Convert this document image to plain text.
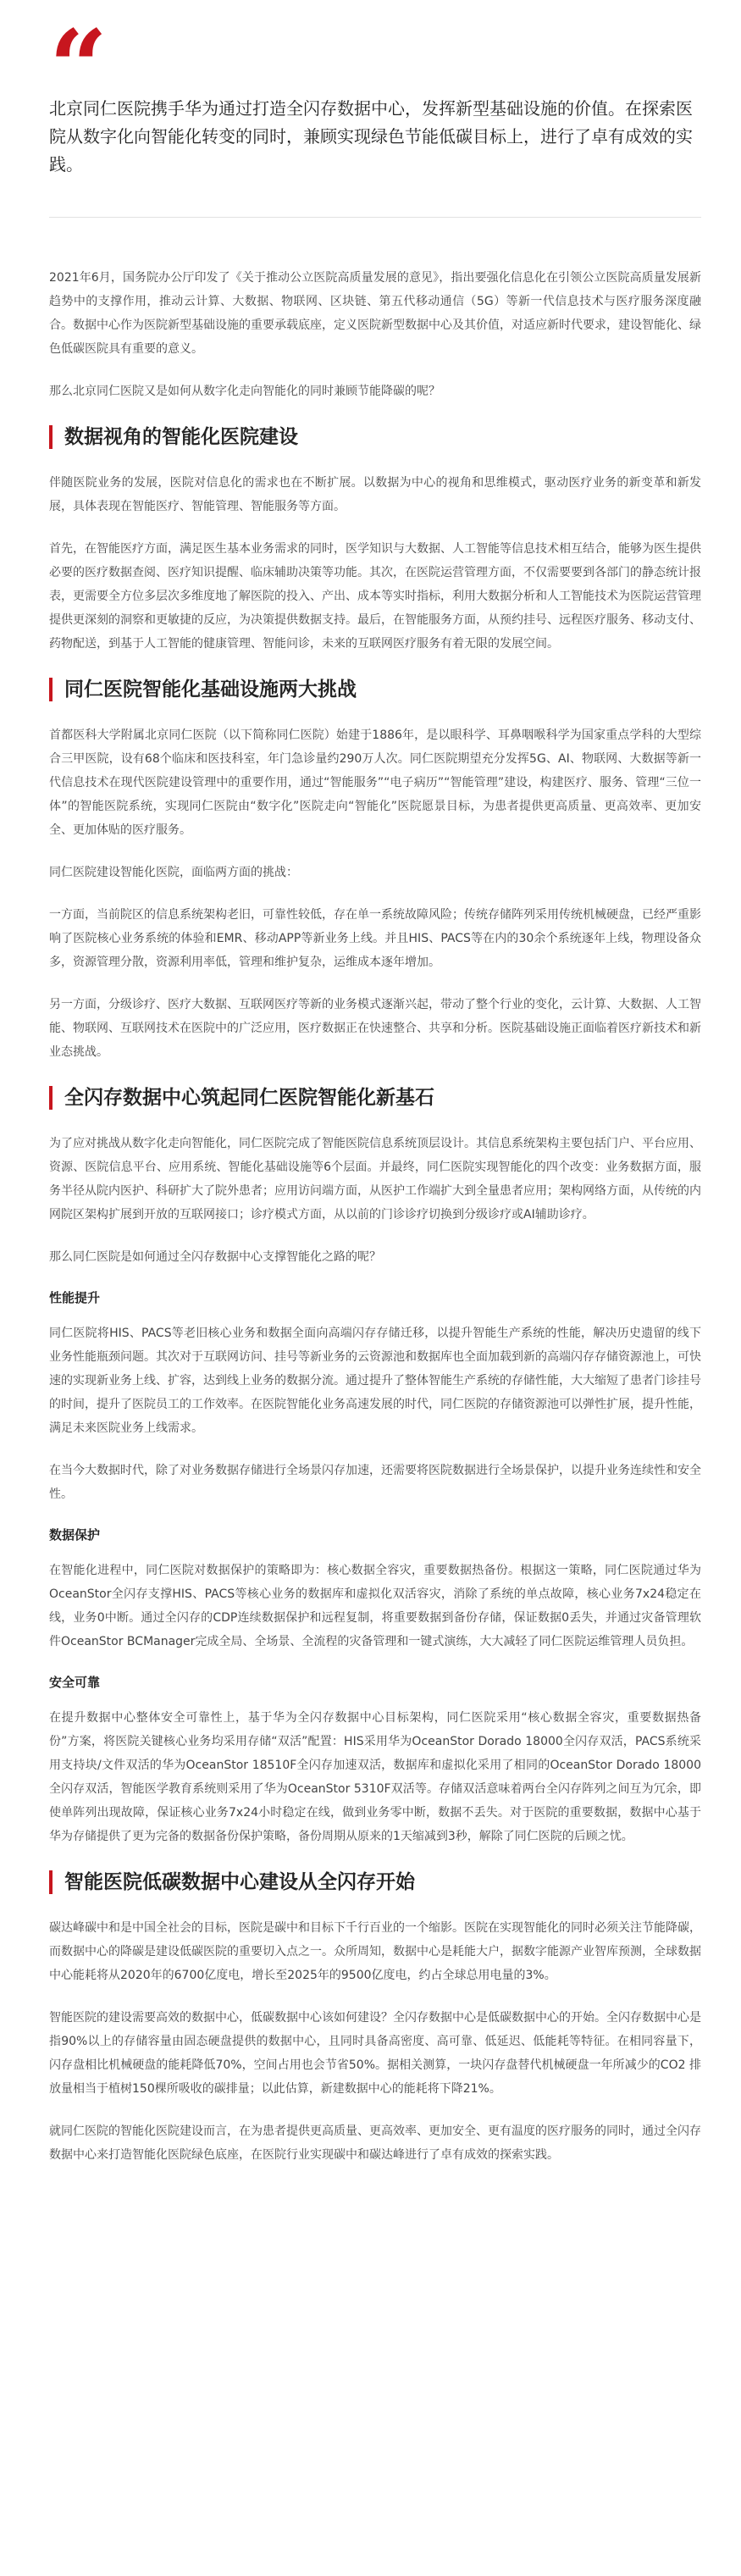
“

北京同仁医院携手华为通过打造全闪存数据中心，发挥新型基础设施的价值。在探索医院从数字化向智能化转变的同时，兼顾实现绿色节能低碳目标上，进行了卓有成效的实践。

2021年6月，国务院办公厅印发了《关于推动公立医院高质量发展的意见》，指出要强化信息化在引领公立医院高质量发展新趋势中的支撑作用，推动云计算、大数据、物联网、区块链、第五代移动通信（5G）等新一代信息技术与医疗服务深度融合。数据中心作为医院新型基础设施的重要承载底座，定义医院新型数据中心及其价值，对适应新时代要求，建设智能化、绿色低碳医院具有重要的意义。

那么北京同仁医院又是如何从数字化走向智能化的同时兼顾节能降碳的呢？

数据视角的智能化医院建设

伴随医院业务的发展，医院对信息化的需求也在不断扩展。以数据为中心的视角和思维模式，驱动医疗业务的新变革和新发展，具体表现在智能医疗、智能管理、智能服务等方面。

首先，在智能医疗方面，满足医生基本业务需求的同时，医学知识与大数据、人工智能等信息技术相互结合，能够为医生提供必要的医疗数据查阅、医疗知识提醒、临床辅助决策等功能。其次，在医院运营管理方面，不仅需要要到各部门的静态统计报表，更需要全方位多层次多维度地了解医院的投入、产出、成本等实时指标，利用大数据分析和人工智能技术为医院运营管理提供更深刻的洞察和更敏捷的反应，为决策提供数据支持。最后，在智能服务方面，从预约挂号、远程医疗服务、移动支付、药物配送，到基于人工智能的健康管理、智能问诊，未来的互联网医疗服务有着无限的发展空间。

同仁医院智能化基础设施两大挑战

首都医科大学附属北京同仁医院（以下简称同仁医院）始建于1886年，是以眼科学、耳鼻咽喉科学为国家重点学科的大型综合三甲医院，设有68个临床和医技科室，年门急诊量约290万人次。同仁医院期望充分发挥5G、AI、物联网、大数据等新一代信息技术在现代医院建设管理中的重要作用，通过“智能服务”“电子病历”“智能管理”建设，构建医疗、服务、管理“三位一体”的智能医院系统，实现同仁医院由“数字化”医院走向“智能化”医院愿景目标，为患者提供更高质量、更高效率、更加安全、更加体贴的医疗服务。

同仁医院建设智能化医院，面临两方面的挑战：

一方面，当前院区的信息系统架构老旧，可靠性较低，存在单一系统故障风险；传统存储阵列采用传统机械硬盘，已经严重影响了医院核心业务系统的体验和EMR、移动APP等新业务上线。并且HIS、PACS等在内的30余个系统逐年上线，物理设备众多，资源管理分散，资源利用率低，管理和维护复杂，运维成本逐年增加。

另一方面，分级诊疗、医疗大数据、互联网医疗等新的业务模式逐渐兴起，带动了整个行业的变化，云计算、大数据、人工智能、物联网、互联网技术在医院中的广泛应用，医疗数据正在快速整合、共享和分析。医院基础设施正面临着医疗新技术和新业态挑战。

全闪存数据中心筑起同仁医院智能化新基石

为了应对挑战从数字化走向智能化，同仁医院完成了智能医院信息系统顶层设计。其信息系统架构主要包括门户、平台应用、资源、医院信息平台、应用系统、智能化基础设施等6个层面。并最终，同仁医院实现智能化的四个改变：业务数据方面，服务半径从院内医护、科研扩大了院外患者；应用访问端方面，从医护工作端扩大到全量患者应用；架构网络方面，从传统的内网院区架构扩展到开放的互联网接口；诊疗模式方面，从以前的门诊诊疗切换到分级诊疗或AI辅助诊疗。

那么同仁医院是如何通过全闪存数据中心支撑智能化之路的呢？

性能提升

同仁医院将HIS、PACS等老旧核心业务和数据全面向高端闪存存储迁移，以提升智能生产系统的性能，解决历史遗留的线下业务性能瓶颈问题。其次对于互联网访问、挂号等新业务的云资源池和数据库也全面加载到新的高端闪存存储资源池上，可快速的实现新业务上线、扩容，达到线上业务的数据分流。通过提升了整体智能生产系统的存储性能，大大缩短了患者门诊挂号的时间，提升了医院员工的工作效率。在医院智能化业务高速发展的时代，同仁医院的存储资源池可以弹性扩展，提升性能，满足未来医院业务上线需求。

在当今大数据时代，除了对业务数据存储进行全场景闪存加速，还需要将医院数据进行全场景保护，以提升业务连续性和安全性。

数据保护

在智能化进程中，同仁医院对数据保护的策略即为：核心数据全容灾，重要数据热备份。根据这一策略，同仁医院通过华为OceanStor全闪存支撑HIS、PACS等核心业务的数据库和虚拟化双活容灾，消除了系统的单点故障，核心业务7x24稳定在线，业务0中断。通过全闪存的CDP连续数据保护和远程复制，将重要数据到备份存储，保证数据0丢失，并通过灾备管理软件OceanStor BCManager完成全局、全场景、全流程的灾备管理和一键式演练，大大减轻了同仁医院运维管理人员负担。

安全可靠

在提升数据中心整体安全可靠性上，基于华为全闪存数据中心目标架构，同仁医院采用“核心数据全容灾，重要数据热备份”方案，将医院关键核心业务均采用存储“双活”配置：HIS采用华为OceanStor Dorado 18000全闪存双活，PACS系统采用支持块/文件双活的华为OceanStor 18510F全闪存加速双活，数据库和虚拟化采用了相同的OceanStor Dorado 18000全闪存双活，智能医学教育系统则采用了华为OceanStor 5310F双活等。存储双活意味着两台全闪存阵列之间互为冗余，即使单阵列出现故障，保证核心业务7x24小时稳定在线，做到业务零中断，数据不丢失。对于医院的重要数据，数据中心基于华为存储提供了更为完备的数据备份保护策略，备份周期从原来的1天缩减到3秒，解除了同仁医院的后顾之忧。

智能医院低碳数据中心建设从全闪存开始

碳达峰碳中和是中国全社会的目标，医院是碳中和目标下千行百业的一个缩影。医院在实现智能化的同时必须关注节能降碳，而数据中心的降碳是建设低碳医院的重要切入点之一。众所周知，数据中心是耗能大户，据数字能源产业智库预测，全球数据中心能耗将从2020年的6700亿度电，增长至2025年的9500亿度电，约占全球总用电量的3%。

智能医院的建设需要高效的数据中心，低碳数据中心该如何建设？全闪存数据中心是低碳数据中心的开始。全闪存数据中心是指90%以上的存储容量由固态硬盘提供的数据中心，且同时具备高密度、高可靠、低延迟、低能耗等特征。在相同容量下，闪存盘相比机械硬盘的能耗降低70%，空间占用也会节省50%。据相关测算，一块闪存盘替代机械硬盘一年所减少的CO2 排放量相当于植树150棵所吸收的碳排量；以此估算，新建数据中心的能耗将下降21%。

就同仁医院的智能化医院建设而言，在为患者提供更高质量、更高效率、更加安全、更有温度的医疗服务的同时，通过全闪存数据中心来打造智能化医院绿色底座，在医院行业实现碳中和碳达峰进行了卓有成效的探索实践。
